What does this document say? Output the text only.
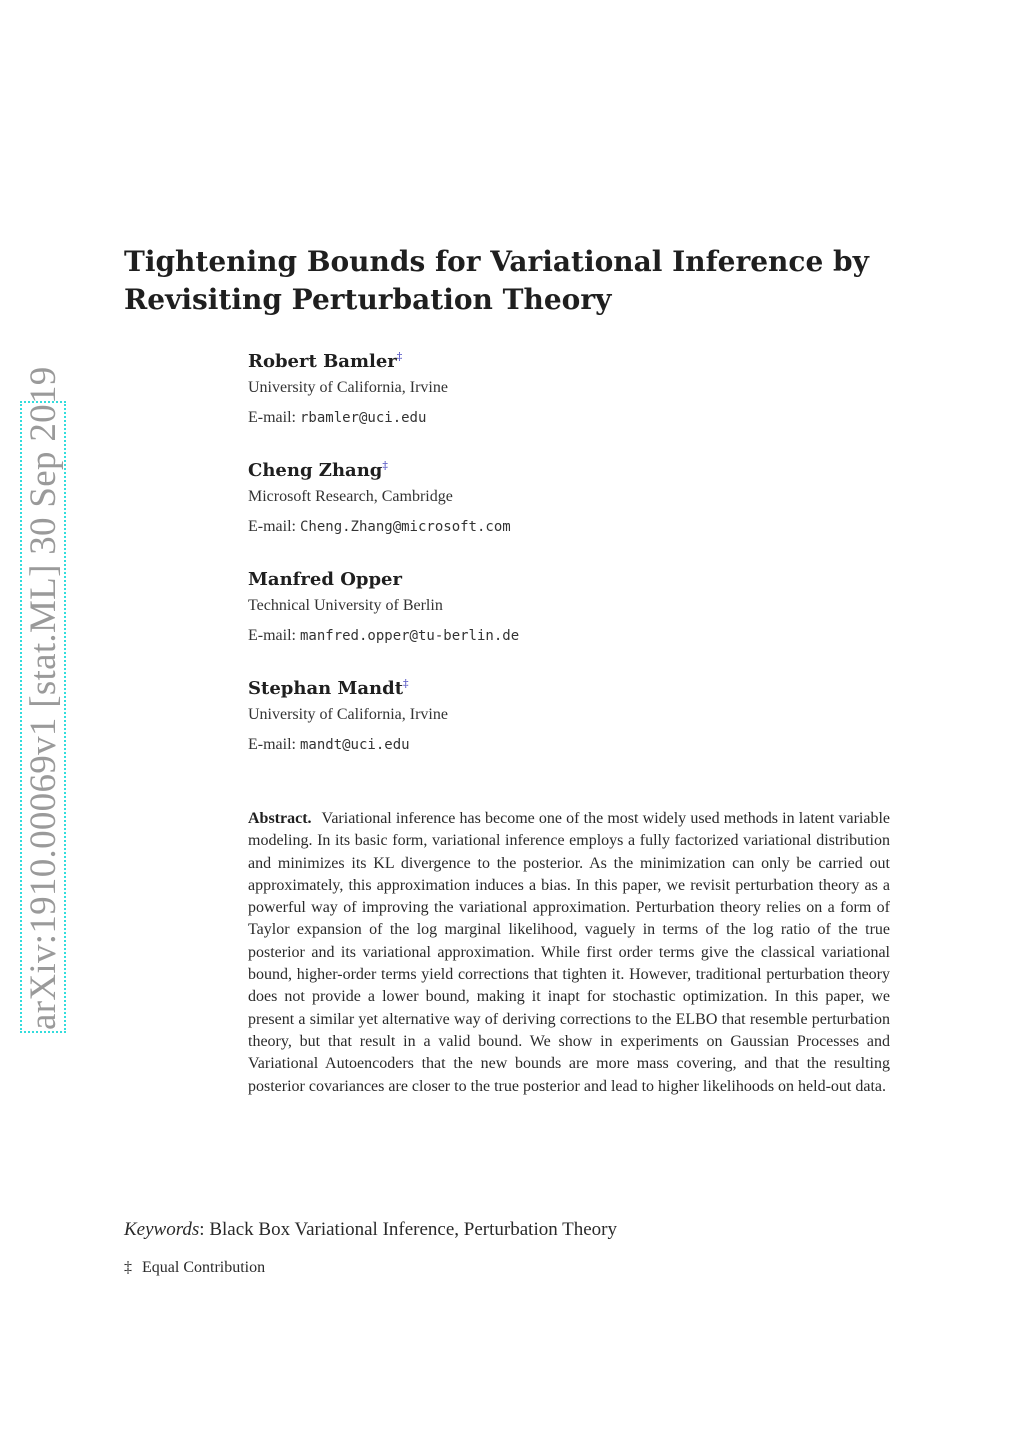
arXiv:1910.00069v1 [stat.ML] 30 Sep 2019
Tightening Bounds for Variational Inference by
Revisiting Perturbation Theory
Robert Bamler‡
University of California, Irvine
E-mail: rbamler@uci.edu
Cheng Zhang‡
Microsoft Research, Cambridge
E-mail: Cheng.Zhang@microsoft.com
Manfred Opper
Technical University of Berlin
E-mail: manfred.opper@tu-berlin.de
Stephan Mandt‡
University of California, Irvine
E-mail: mandt@uci.edu

Abstract. Variational inference has become one of the most widely used methods in latent variable modeling. In its basic form, variational inference employs a fully factorized variational distribution and minimizes its KL divergence to the posterior. As the minimization can only be carried out approximately, this approximation induces a bias. In this paper, we revisit perturbation theory as a powerful way of improving the variational approximation. Perturbation theory relies on a form of Taylor expansion of the log marginal likelihood, vaguely in terms of the log ratio of the true posterior and its variational approximation. While first order terms give the classical variational bound, higher-order terms yield corrections that tighten it. However, traditional perturbation theory does not provide a lower bound, making it inapt for stochastic optimization. In this paper, we present a similar yet alternative way of deriving corrections to the ELBO that resemble perturbation theory, but that result in a valid bound. We show in experiments on Gaussian Processes and Variational Autoencoders that the new bounds are more mass covering, and that the resulting posterior covariances are closer to the true posterior and lead to higher likelihoods on held-out data.

Keywords: Black Box Variational Inference, Perturbation Theory
‡ Equal Contribution
